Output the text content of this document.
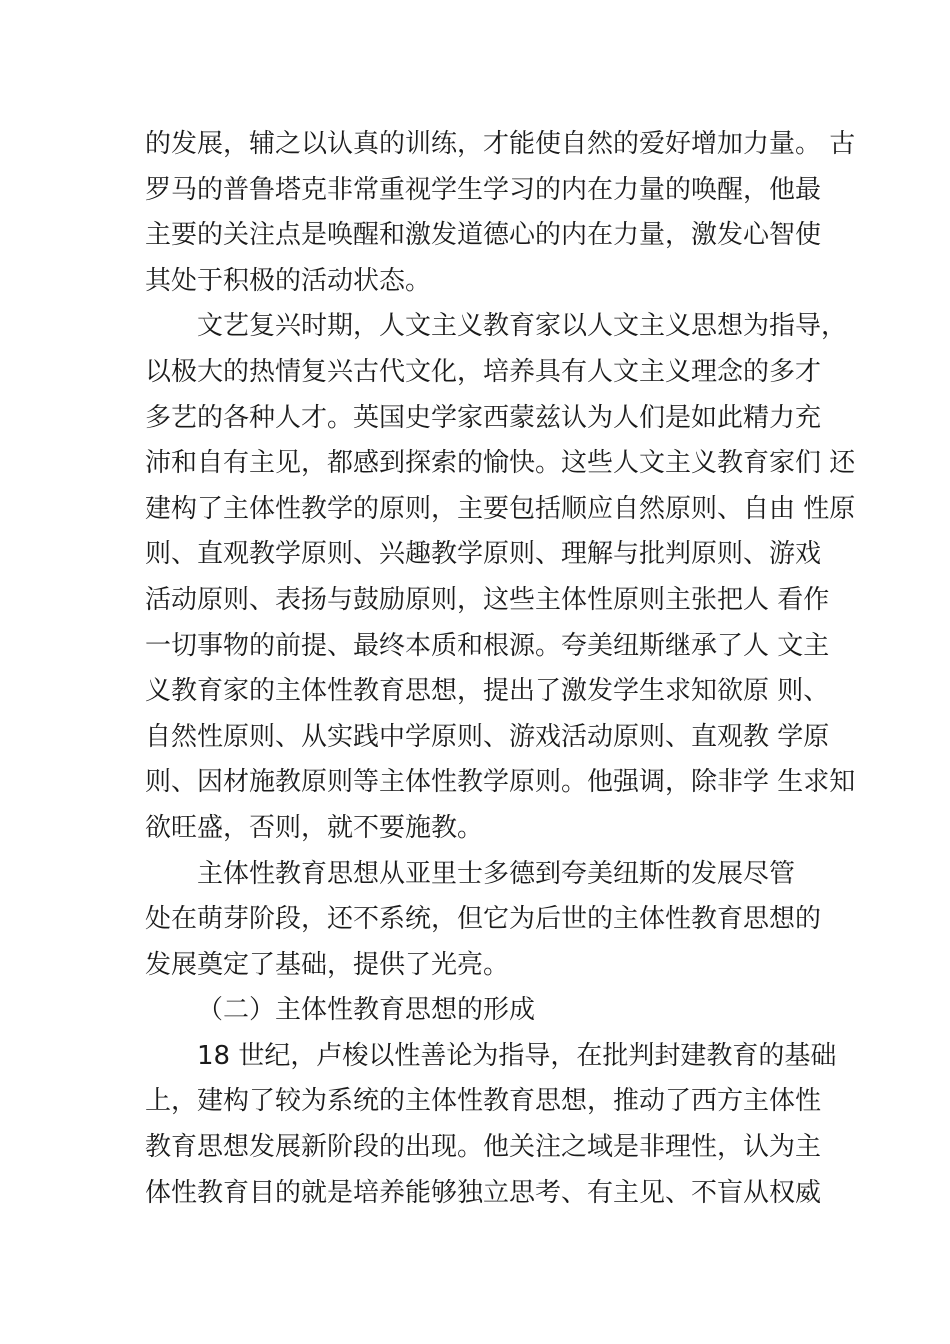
的发展，辅之以认真的训练，才能使自然的爱好增加力量。 古
罗马的普鲁塔克非常重视学生学习的内在力量的唤醒，他最
主要的关注点是唤醒和激发道德心的内在力量，激发心智使
其处于积极的活动状态。
文艺复兴时期，人文主义教育家以人文主义思想为指导，
以极大的热情复兴古代文化，培养具有人文主义理念的多才
多艺的各种人才。英国史学家西蒙兹认为人们是如此精力充
沛和自有主见，都感到探索的愉快。这些人文主义教育家们 还
建构了主体性教学的原则，主要包括顺应自然原则、自由 性原
则、直观教学原则、兴趣教学原则、理解与批判原则、游戏
活动原则、表扬与鼓励原则，这些主体性原则主张把人 看作
一切事物的前提、最终本质和根源。夸美纽斯继承了人 文主
义教育家的主体性教育思想，提出了激发学生求知欲原 则、
自然性原则、从实践中学原则、游戏活动原则、直观教 学原
则、因材施教原则等主体性教学原则。他强调，除非学 生求知
欲旺盛，否则，就不要施教。
主体性教育思想从亚里士多德到夸美纽斯的发展尽管
处在萌芽阶段，还不系统，但它为后世的主体性教育思想的
发展奠定了基础，提供了光亮。
（二）主体性教育思想的形成
18 世纪，卢梭以性善论为指导，在批判封建教育的基础
上，建构了较为系统的主体性教育思想，推动了西方主体性
教育思想发展新阶段的出现。他关注之域是非理性，认为主
体性教育目的就是培养能够独立思考、有主见、不盲从权威
